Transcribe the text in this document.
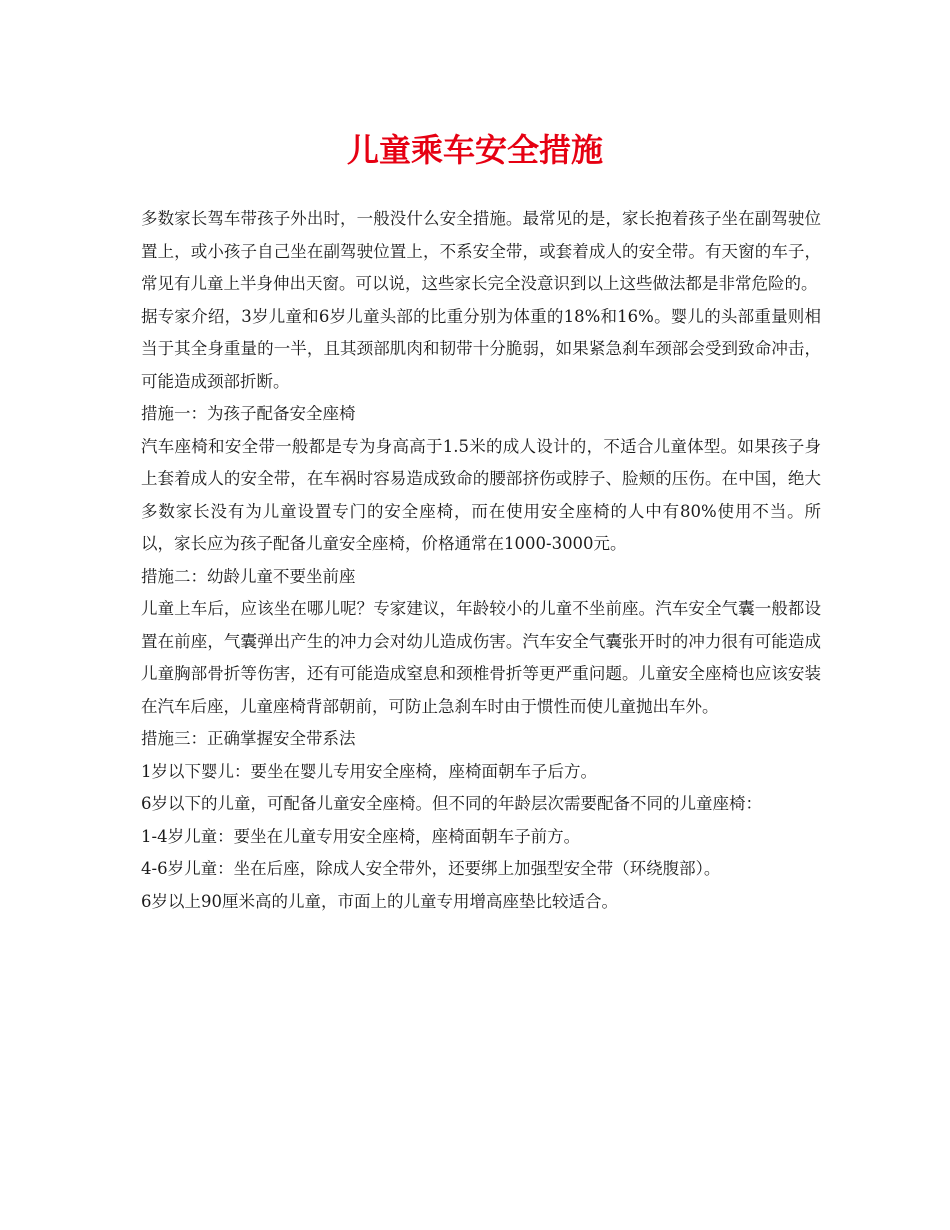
儿童乘车安全措施

多数家长驾车带孩子外出时，一般没什么安全措施。最常见的是，家长抱着孩子坐在副驾驶位置上，或小孩子自己坐在副驾驶位置上，不系安全带，或套着成人的安全带。有天窗的车子，常见有儿童上半身伸出天窗。可以说，这些家长完全没意识到以上这些做法都是非常危险的。

据专家介绍，3岁儿童和6岁儿童头部的比重分别为体重的18%和16%。婴儿的头部重量则相当于其全身重量的一半，且其颈部肌肉和韧带十分脆弱，如果紧急刹车颈部会受到致命冲击，可能造成颈部折断。

措施一：为孩子配备安全座椅

汽车座椅和安全带一般都是专为身高高于1.5米的成人设计的，不适合儿童体型。如果孩子身上套着成人的安全带，在车祸时容易造成致命的腰部挤伤或脖子、脸颊的压伤。在中国，绝大多数家长没有为儿童设置专门的安全座椅，而在使用安全座椅的人中有80%使用不当。所以，家长应为孩子配备儿童安全座椅，价格通常在1000-3000元。

措施二：幼龄儿童不要坐前座

儿童上车后，应该坐在哪儿呢？专家建议，年龄较小的儿童不坐前座。汽车安全气囊一般都设置在前座，气囊弹出产生的冲力会对幼儿造成伤害。汽车安全气囊张开时的冲力很有可能造成儿童胸部骨折等伤害，还有可能造成窒息和颈椎骨折等更严重问题。儿童安全座椅也应该安装在汽车后座，儿童座椅背部朝前，可防止急刹车时由于惯性而使儿童抛出车外。

措施三：正确掌握安全带系法

1岁以下婴儿：要坐在婴儿专用安全座椅，座椅面朝车子后方。

6岁以下的儿童，可配备儿童安全座椅。但不同的年龄层次需要配备不同的儿童座椅：

1-4岁儿童：要坐在儿童专用安全座椅，座椅面朝车子前方。

4-6岁儿童：坐在后座，除成人安全带外，还要绑上加强型安全带（环绕腹部）。

6岁以上90厘米高的儿童，市面上的儿童专用增高座垫比较适合。
